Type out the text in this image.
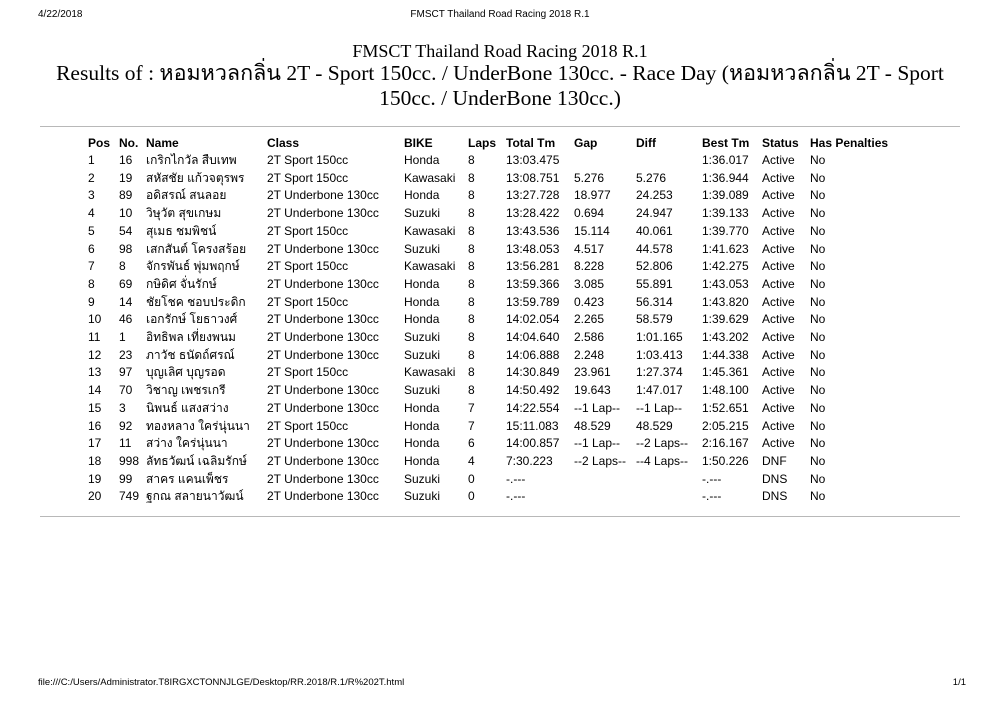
4/22/2018	FMSCT Thailand Road Racing 2018 R.1
FMSCT Thailand Road Racing 2018 R.1
Results of : หอมหวลกลิ่น 2T - Sport 150cc. / UnderBone 130cc. - Race Day (หอมหวลกลิ่น 2T - Sport 150cc. / UnderBone 130cc.)
Pos	No.	Name	Class	BIKE	Laps	Total Tm	Gap	Diff	Best Tm	Status	Has Penalties
1	16	เกริกไกวัล สืบเทพ	2T Sport 150cc	Honda	8	13:03.475			1:36.017	Active	No
2	19	สหัสชัย แก้วจตุรพร	2T Sport 150cc	Kawasaki	8	13:08.751	5.276	5.276	1:36.944	Active	No
3	89	อดิสรณ์ สนลอย	2T Underbone 130cc	Honda	8	13:27.728	18.977	24.253	1:39.089	Active	No
4	10	วิษุวัต สุขเกษม	2T Underbone 130cc	Suzuki	8	13:28.422	0.694	24.947	1:39.133	Active	No
5	54	สุเมธ ชมพิชน์	2T Sport 150cc	Kawasaki	8	13:43.536	15.114	40.061	1:39.770	Active	No
6	98	เสกสันต์ โครงสร้อย	2T Underbone 130cc	Suzuki	8	13:48.053	4.517	44.578	1:41.623	Active	No
7	8	จักรพันธ์ พุ่มพฤกษ์	2T Sport 150cc	Kawasaki	8	13:56.281	8.228	52.806	1:42.275	Active	No
8	69	กษิดิศ จั่นรักษ์	2T Underbone 130cc	Honda	8	13:59.366	3.085	55.891	1:43.053	Active	No
9	14	ชัยโชค ชอบประดิก	2T Sport 150cc	Honda	8	13:59.789	0.423	56.314	1:43.820	Active	No
10	46	เอกรักษ์ โยธาวงศ์	2T Underbone 130cc	Honda	8	14:02.054	2.265	58.579	1:39.629	Active	No
11	1	อิทธิพล เที่ยงพนม	2T Underbone 130cc	Suzuki	8	14:04.640	2.586	1:01.165	1:43.202	Active	No
12	23	ภาวัช ธนัดถ์ศรณ์	2T Underbone 130cc	Suzuki	8	14:06.888	2.248	1:03.413	1:44.338	Active	No
13	97	บุญเลิศ บุญรอด	2T Sport 150cc	Kawasaki	8	14:30.849	23.961	1:27.374	1:45.361	Active	No
14	70	วิชาญ เพชรเกรี	2T Underbone 130cc	Suzuki	8	14:50.492	19.643	1:47.017	1:48.100	Active	No
15	3	นิพนธ์ แสงสว่าง	2T Underbone 130cc	Honda	7	14:22.554	--1 Lap--	--1 Lap--	1:52.651	Active	No
16	92	ทองหลาง ใคร่นุ่นนา	2T Sport 150cc	Honda	7	15:11.083	48.529	48.529	2:05.215	Active	No
17	11	สว่าง ใคร่นุ่นนา	2T Underbone 130cc	Honda	6	14:00.857	--1 Lap--	--2 Laps--	2:16.167	Active	No
18	998	ลัทธวัฒน์ เฉลิมรักษ์	2T Underbone 130cc	Honda	4	7:30.223	--2 Laps--	--4 Laps--	1:50.226	DNF	No
19	99	สาคร แคนเพ็ชร	2T Underbone 130cc	Suzuki	0	-.---			-.---	DNS	No
20	749	ฐกณ สลายนาวัฒน์	2T Underbone 130cc	Suzuki	0	-.---			-.---	DNS	No
file:///C:/Users/Administrator.T8IRGXCTONNJLGE/Desktop/RR.2018/R.1/R%202T.html	1/1
